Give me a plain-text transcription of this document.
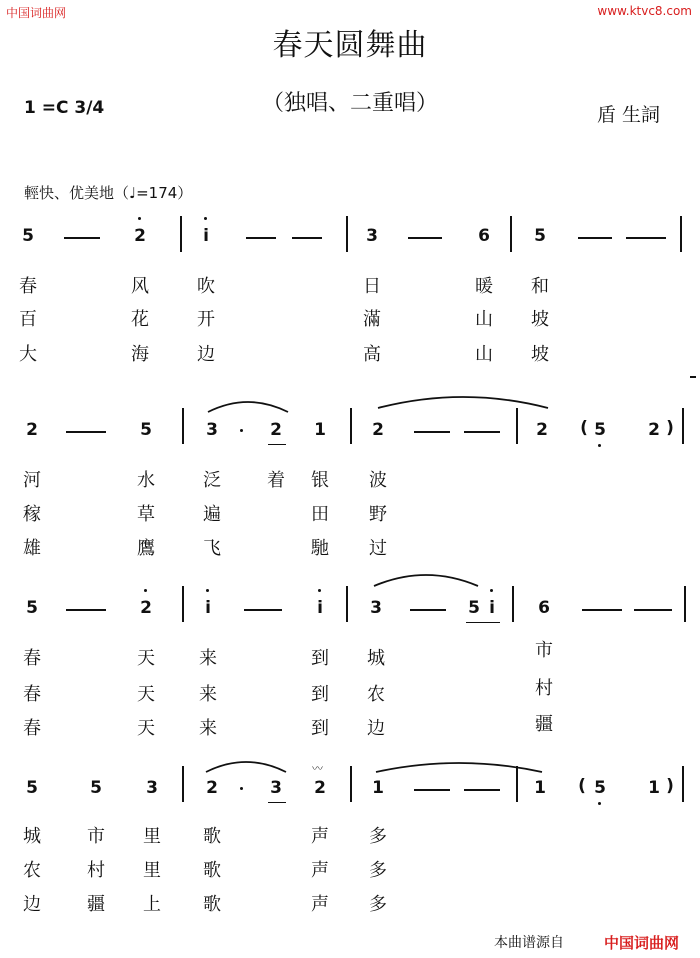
中国词曲网	www.ktvc8.com
春天圆舞曲
（独唱、二重唱）
1 =C 3/4	盾 生詞
輕快、优美地（♩=174）
5	2	i	3	6	5
春	风	吹	日	暖 和
百	花	开	滿	山 坡
大	海	边	高	山 坡
2	5	3	2 1	2	2 ( 5 2 )
河	水	泛	着 银 波
稼	草	遍	田 野
雄	鷹	飞	馳 过
5	2	i	i	3	5 i	6
春	天 来	到 城	市
春	天 来	到 农	村
春	天 来	到 边	疆
5	5	3	2	3
〰
2	1	1 ( 5 1 )
城	市 里 歌	声 多
农	村 里 歌	声 多
边	疆 上 歌	声 多
本曲谱源自	中国词曲网
